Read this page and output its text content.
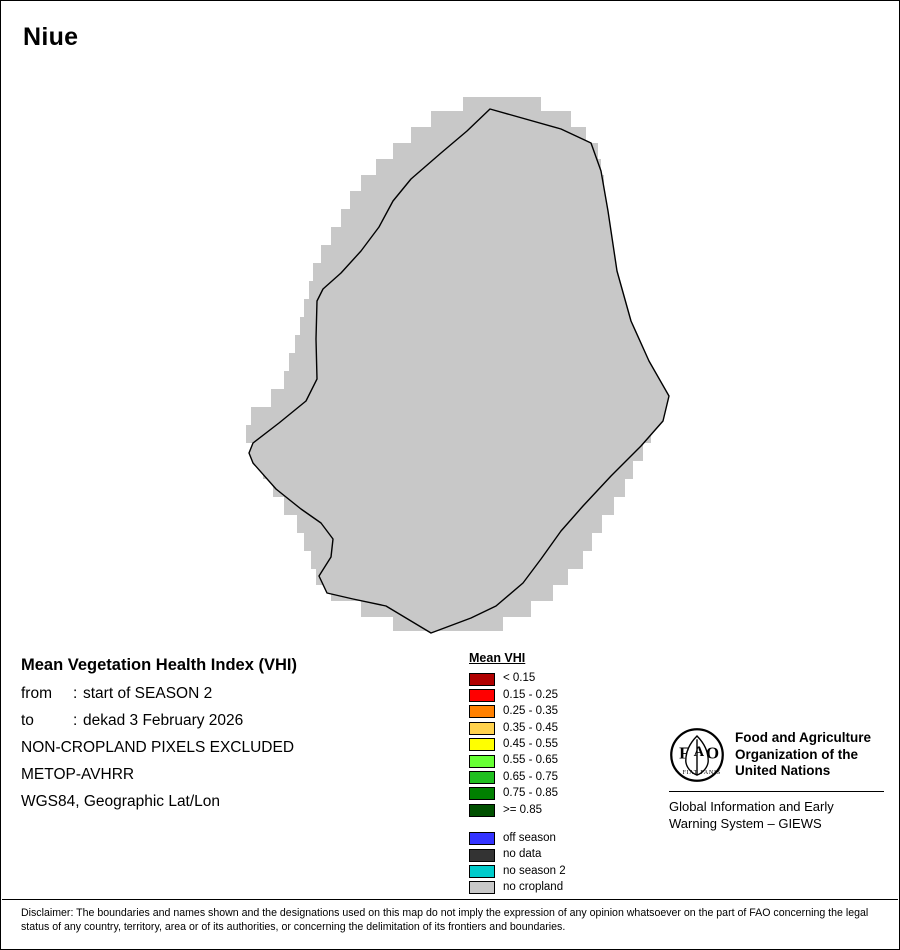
Niue
Mean Vegetation Health Index (VHI)
from : start of SEASON 2
to	: dekad 3 February 2026
NON-CROPLAND PIXELS EXCLUDED
METOP-AVHRR
WGS84, Geographic Lat/Lon
Mean VHI
< 0.15
0.15 - 0.25
0.25 - 0.35
0.35 - 0.45
0.45 - 0.55
0.55 - 0.65
0.65 - 0.75
0.75 - 0.85
>= 0.85
off season
no data
no season 2
no cropland
F A O
FIAT PANIS
Food and Agriculture
Organization of the
United Nations
Global Information and Early
Warning System – GIEWS
Disclaimer: The boundaries and names shown and the designations used on this map do not imply the expression of any opinion whatsoever on the part of FAO concerning the legal status of any country, territory, area or of its authorities, or concerning the delimitation of its frontiers and boundaries.
